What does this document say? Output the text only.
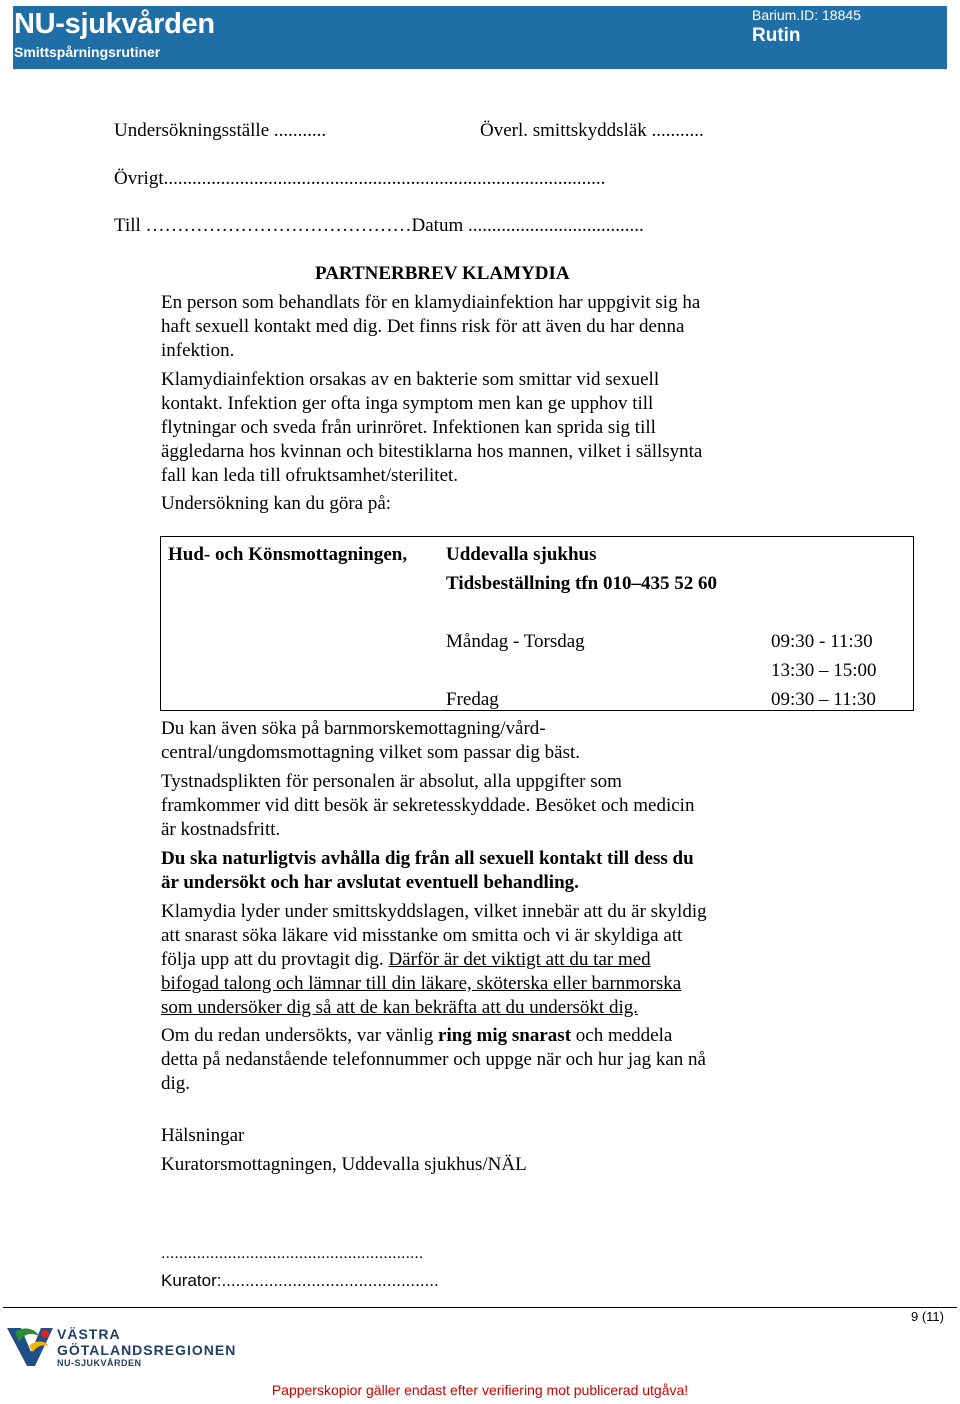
NU-sjukvården
Smittspårningsrutiner
Barium.ID: 18845
Rutin
Undersökningsställe ...........	Överl. smittskyddsläk ...........
Övrigt.............................................................................................
Till ……………………………………Datum .....................................
PARTNERBREV KLAMYDIA
En person som behandlats för en klamydiainfektion har uppgivit sig ha
haft sexuell kontakt med dig. Det finns risk för att även du har denna
infektion.
Klamydiainfektion orsakas av en bakterie som smittar vid sexuell
kontakt. Infektion ger ofta inga symptom men kan ge upphov till
flytningar och sveda från urinröret. Infektionen kan sprida sig till
äggledarna hos kvinnan och bitestiklarna hos mannen, vilket i sällsynta
fall kan leda till ofruktsamhet/sterilitet.
Undersökning kan du göra på:
Hud- och Könsmottagningen, Uddevalla sjukhus
Tidsbeställning tfn 010–435 52 60
Måndag - Torsdag	09:30 - 11:30
13:30 – 15:00
Fredag	09:30 – 11:30
Du kan även söka på barnmorskemottagning/vård-
central/ungdomsmottagning vilket som passar dig bäst.
Tystnadsplikten för personalen är absolut, alla uppgifter som
framkommer vid ditt besök är sekretesskyddade. Besöket och medicin
är kostnadsfritt.
Du ska naturligtvis avhålla dig från all sexuell kontakt till dess du
är undersökt och har avslutat eventuell behandling.
Klamydia lyder under smittskyddslagen, vilket innebär att du är skyldig
att snarast söka läkare vid misstanke om smitta och vi är skyldiga att
följa upp att du provtagit dig. Därför är det viktigt att du tar med
bifogad talong och lämnar till din läkare, sköterska eller barnmorska
som undersöker dig så att de kan bekräfta att du undersökt dig.
Om du redan undersökts, var vänlig ring mig snarast och meddela
detta på nedanstående telefonnummer och uppge när och hur jag kan nå
dig.
Hälsningar
Kuratorsmottagningen, Uddevalla sjukhus/NÄL
...........................................................
Kurator:..............................................
9 (11)
VÄSTRA
GÖTALANDSREGIONEN
NU-SJUKVÅRDEN
Papperskopior gäller endast efter verifiering mot publicerad utgåva!
